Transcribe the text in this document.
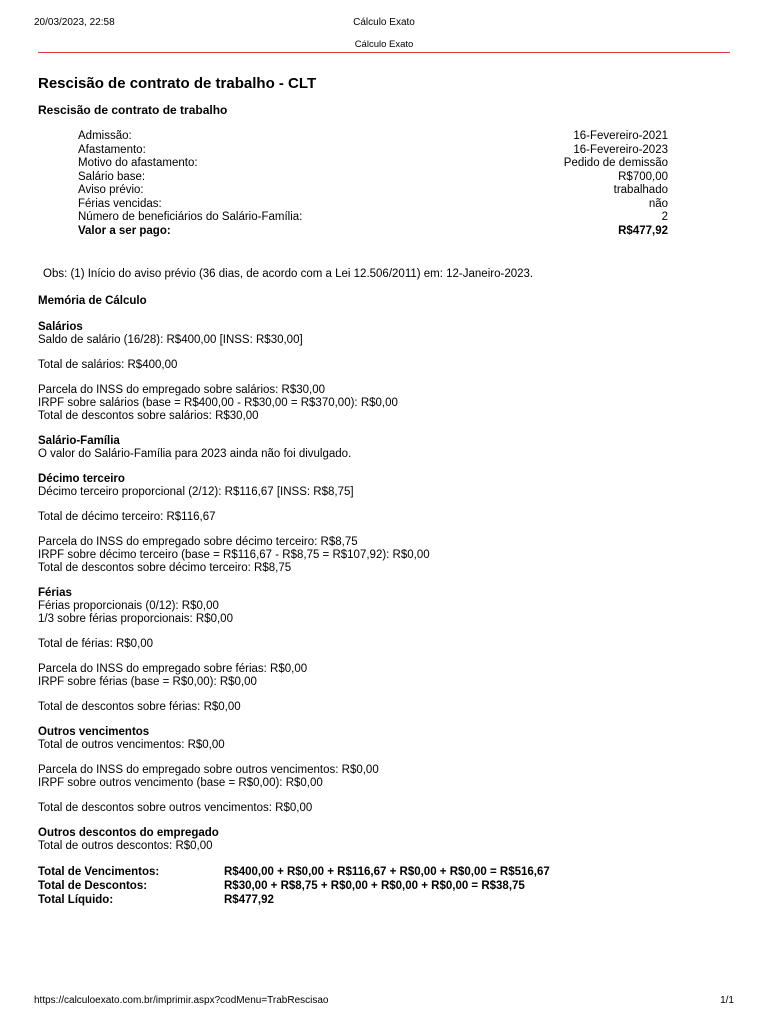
20/03/2023, 22:58	Cálculo Exato
Cálculo Exato
Rescisão de contrato de trabalho - CLT
Rescisão de contrato de trabalho
Admissão:	16-Fevereiro-2021
Afastamento:	16-Fevereiro-2023
Motivo do afastamento:	Pedido de demissão
Salário base:	R$700,00
Aviso prévio:	trabalhado
Férias vencidas:	não
Número de beneficiários do Salário-Família:	2
Valor a ser pago:	R$477,92
Obs: (1) Início do aviso prévio (36 dias, de acordo com a Lei 12.506/2011) em: 12-Janeiro-2023.
Memória de Cálculo
Salários
Saldo de salário (16/28): R$400,00 [INSS: R$30,00]
Total de salários: R$400,00
Parcela do INSS do empregado sobre salários: R$30,00
IRPF sobre salários (base = R$400,00 - R$30,00 = R$370,00): R$0,00
Total de descontos sobre salários: R$30,00
Salário-Família
O valor do Salário-Família para 2023 ainda não foi divulgado.
Décimo terceiro
Décimo terceiro proporcional (2/12): R$116,67 [INSS: R$8,75]
Total de décimo terceiro: R$116,67
Parcela do INSS do empregado sobre décimo terceiro: R$8,75
IRPF sobre décimo terceiro (base = R$116,67 - R$8,75 = R$107,92): R$0,00
Total de descontos sobre décimo terceiro: R$8,75
Férias
Férias proporcionais (0/12): R$0,00
1/3 sobre férias proporcionais: R$0,00
Total de férias: R$0,00
Parcela do INSS do empregado sobre férias: R$0,00
IRPF sobre férias (base = R$0,00): R$0,00
Total de descontos sobre férias: R$0,00
Outros vencimentos
Total de outros vencimentos: R$0,00
Parcela do INSS do empregado sobre outros vencimentos: R$0,00
IRPF sobre outros vencimento (base = R$0,00): R$0,00
Total de descontos sobre outros vencimentos: R$0,00
Outros descontos do empregado
Total de outros descontos: R$0,00
Total de Vencimentos:	R$400,00 + R$0,00 + R$116,67 + R$0,00 + R$0,00 = R$516,67
Total de Descontos:	R$30,00 + R$8,75 + R$0,00 + R$0,00 + R$0,00 = R$38,75
Total Líquido:	R$477,92
https://calculoexato.com.br/imprimir.aspx?codMenu=TrabRescisao	1/1
